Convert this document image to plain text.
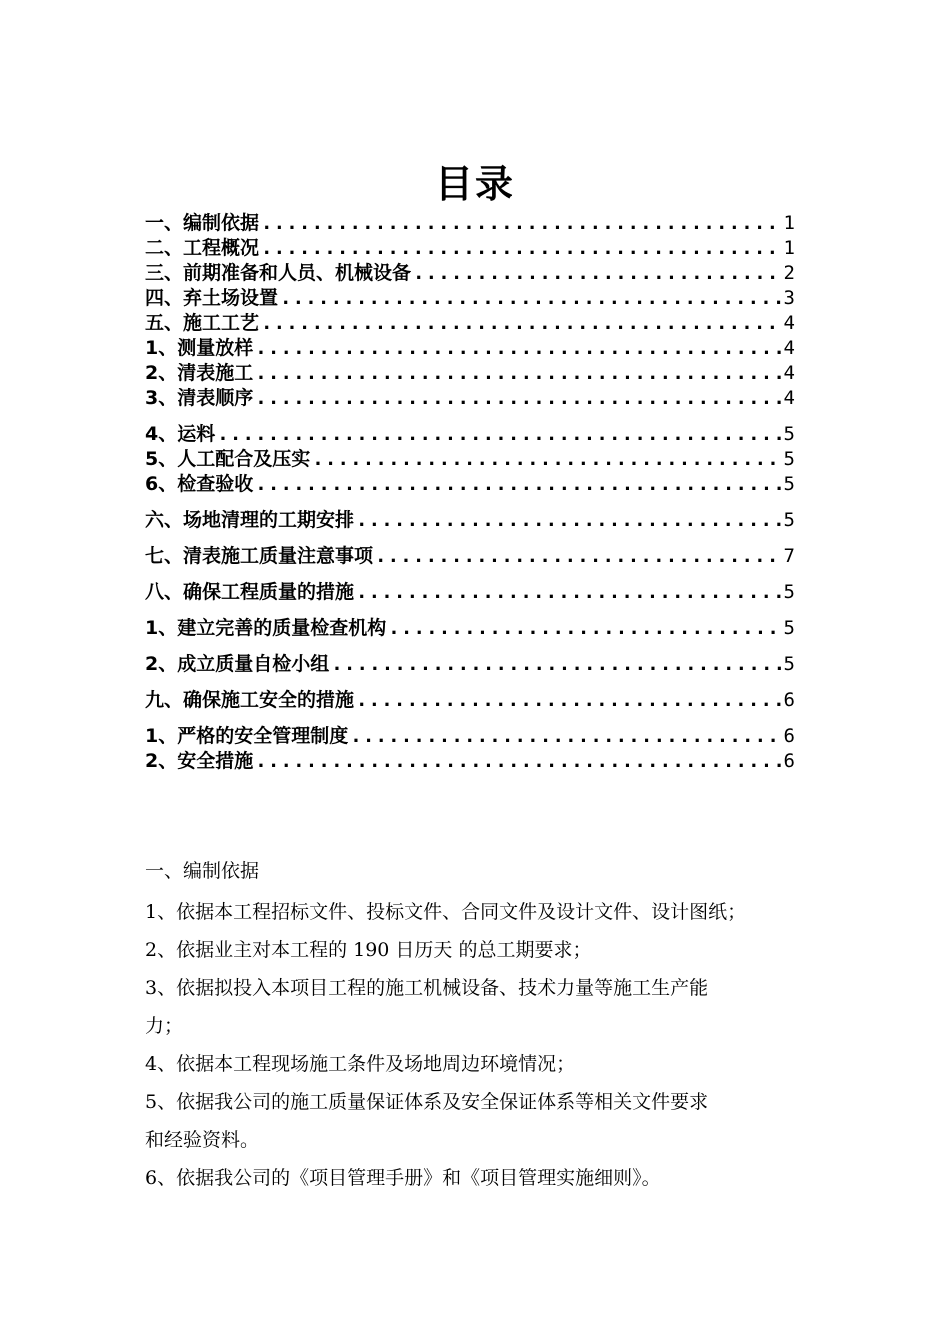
目录
一、编制依据 .....	1
二、工程概况 .....	1
三、前期准备和人员、机械设备 .....	2
四、弃土场设置 .....	3
五、施工工艺 .....	4
1、测量放样 .....	4
2、清表施工 .....	4
3、清表顺序 .....	4
4、运料 .....	5
5、人工配合及压实 .....	5
6、检查验收 .....	5
六、场地清理的工期安排 .....	5
七、清表施工质量注意事项 .....	7
八、确保工程质量的措施 .....	5
1、建立完善的质量检查机构 .....	5
2、成立质量自检小组 .....	5
九、确保施工安全的措施 .....	6
1、严格的安全管理制度 .....	6
2、安全措施 .....	6
一、编制依据
1、依据本工程招标文件、投标文件、合同文件及设计文件、设计图纸；
2、依据业主对本工程的 190 日历天 的总工期要求；
3、依据拟投入本项目工程的施工机械设备、技术力量等施工生产能
力；
4、依据本工程现场施工条件及场地周边环境情况；
5、依据我公司的施工质量保证体系及安全保证体系等相关文件要求
和经验资料。
6、依据我公司的《项目管理手册》和《项目管理实施细则》。
